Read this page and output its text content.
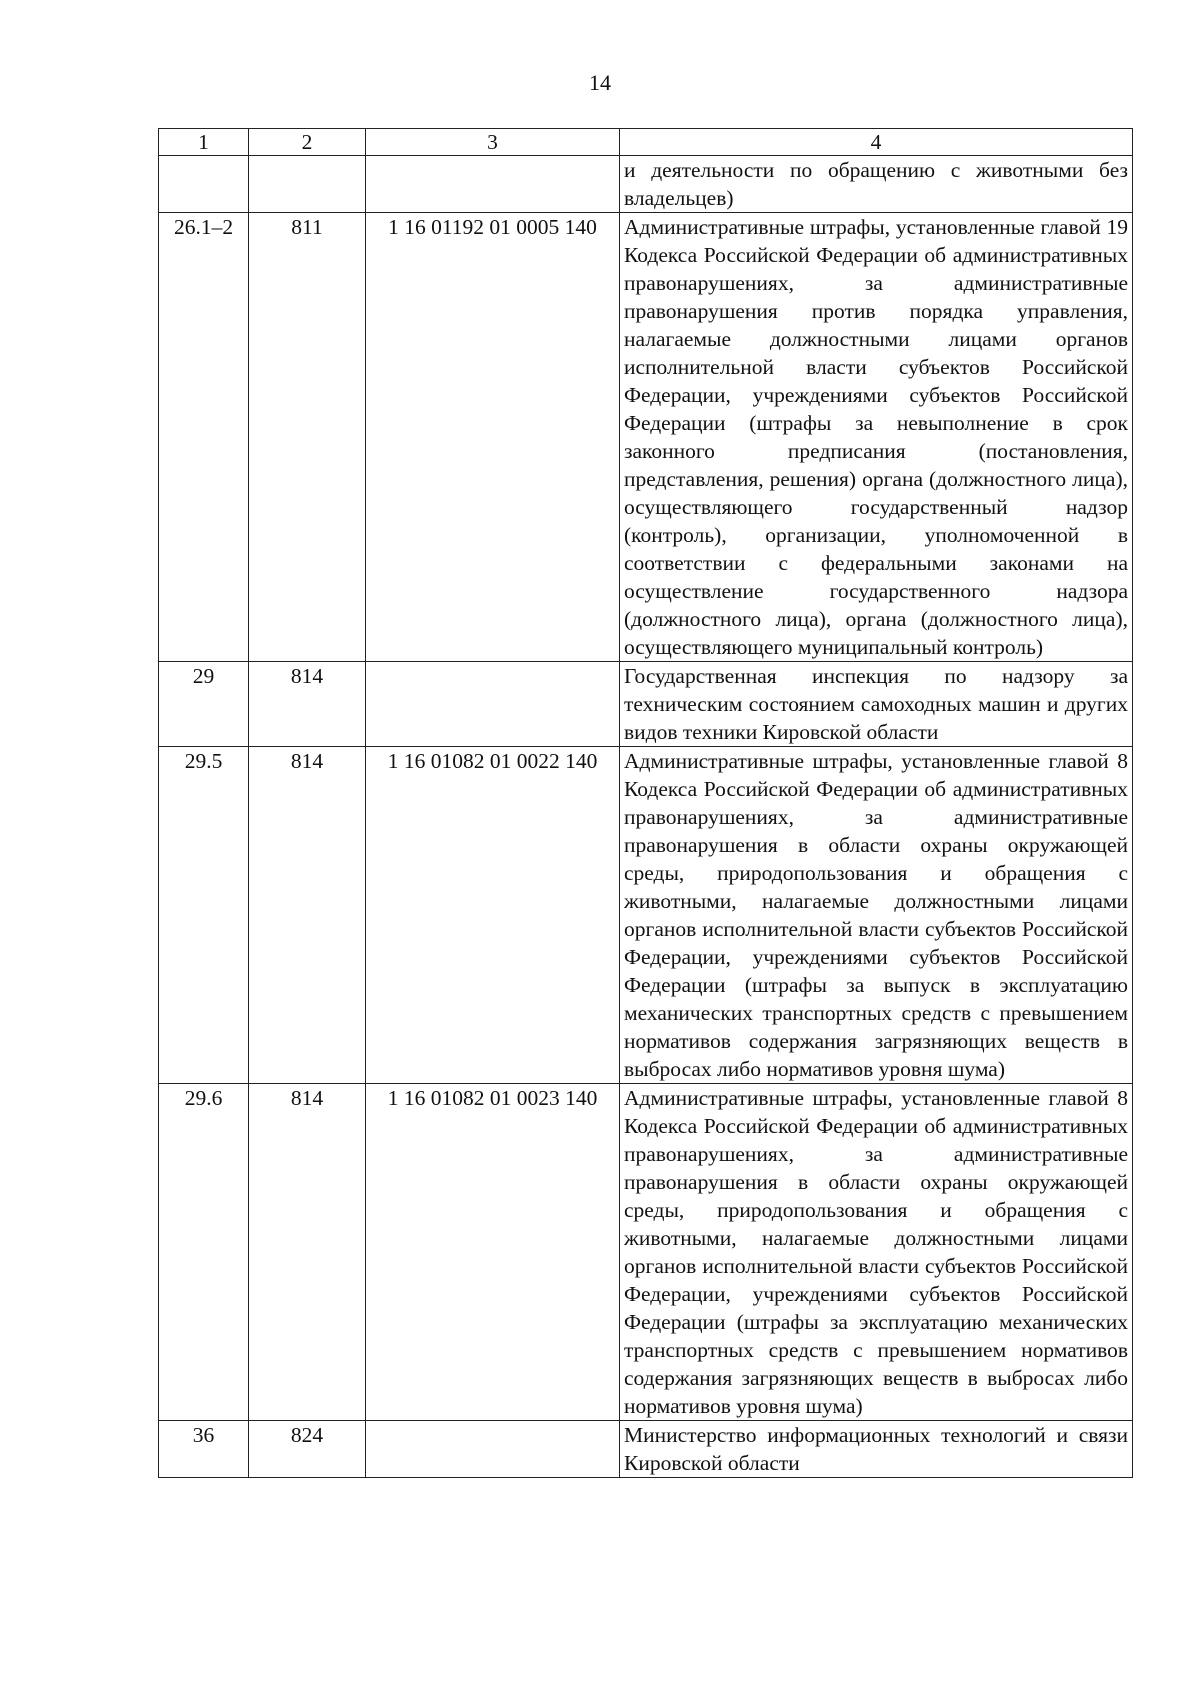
14
1	2	3	4
			и деятельности по обращению с животными без владельцев)
26.1–2	811	1 16 01192 01 0005 140	Административные штрафы, установленные главой 19 Кодекса Российской Федерации об административных правонарушениях, за административные правонарушения против порядка управления, налагаемые должностными лицами органов исполнительной власти субъектов Российской Федерации, учреждениями субъектов Российской Федерации (штрафы за невыполнение в срок законного предписания (постановления, представления, решения) органа (должностного лица), осуществляющего государственный надзор (контроль), организации, уполномоченной в соответствии с федеральными законами на осуществление государственного надзора (должностного лица), органа (должностного лица), осуществляющего муниципальный контроль)
29	814		Государственная инспекция по надзору за техническим состоянием самоходных машин и других видов техники Кировской области
29.5	814	1 16 01082 01 0022 140	Административные штрафы, установленные главой 8 Кодекса Российской Федерации об административных правонарушениях, за административные правонарушения в области охраны окружающей среды, природопользования и обращения с животными, налагаемые должностными лицами органов исполнительной власти субъектов Российской Федерации, учреждениями субъектов Российской Федерации (штрафы за выпуск в эксплуатацию механических транспортных средств с превышением нормативов содержания загрязняющих веществ в выбросах либо нормативов уровня шума)
29.6	814	1 16 01082 01 0023 140	Административные штрафы, установленные главой 8 Кодекса Российской Федерации об административных правонарушениях, за административные правонарушения в области охраны окружающей среды, природопользования и обращения с животными, налагаемые должностными лицами органов исполнительной власти субъектов Российской Федерации, учреждениями субъектов Российской Федерации (штрафы за эксплуатацию механических транспортных средств с превышением нормативов содержания загрязняющих веществ в выбросах либо нормативов уровня шума)
36	824		Министерство информационных технологий и связи Кировской области
